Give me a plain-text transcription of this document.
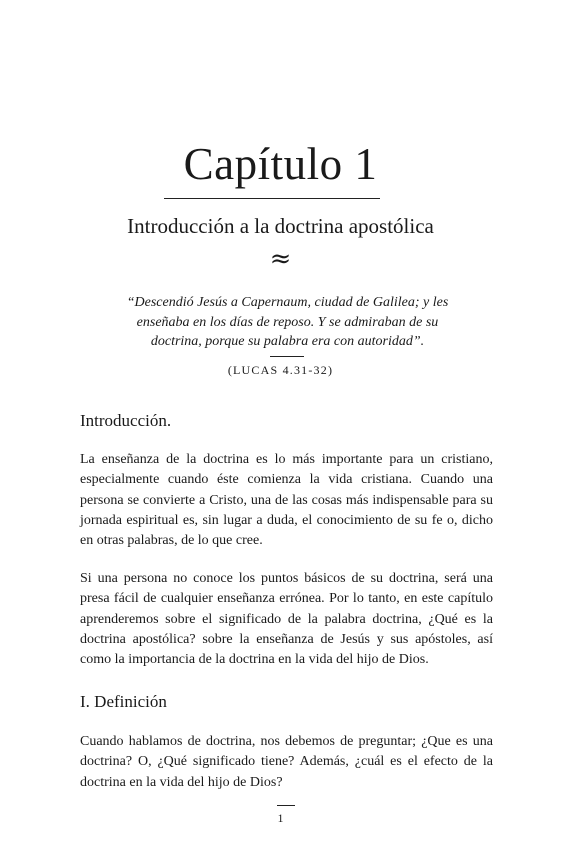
Capítulo 1
Introducción a la doctrina apostólica
≈
“Descendió Jesús a Capernaum, ciudad de Galilea; y les enseñaba en los días de reposo. Y se admiraban de su doctrina, porque su palabra era con autoridad”.
(LUCAS 4.31-32)
Introducción.

La enseñanza de la doctrina es lo más importante para un cristiano, especialmente cuando éste comienza la vida cristiana. Cuando una persona se convierte a Cristo, una de las cosas más indispensable para su jornada espiritual es, sin lugar a duda, el conocimiento de su fe o, dicho en otras palabras, de lo que cree.

Si una persona no conoce los puntos básicos de su doctrina, será una presa fácil de cualquier enseñanza errónea. Por lo tanto, en este capítulo aprenderemos sobre el significado de la palabra doctrina, ¿Qué es la doctrina apostólica? sobre la enseñanza de Jesús y sus apóstoles, así como la importancia de la doctrina en la vida del hijo de Dios.

I. Definición

Cuando hablamos de doctrina, nos debemos de preguntar; ¿Que es una doctrina? O, ¿Qué significado tiene? Además, ¿cuál es el efecto de la doctrina en la vida del hijo de Dios?

1
